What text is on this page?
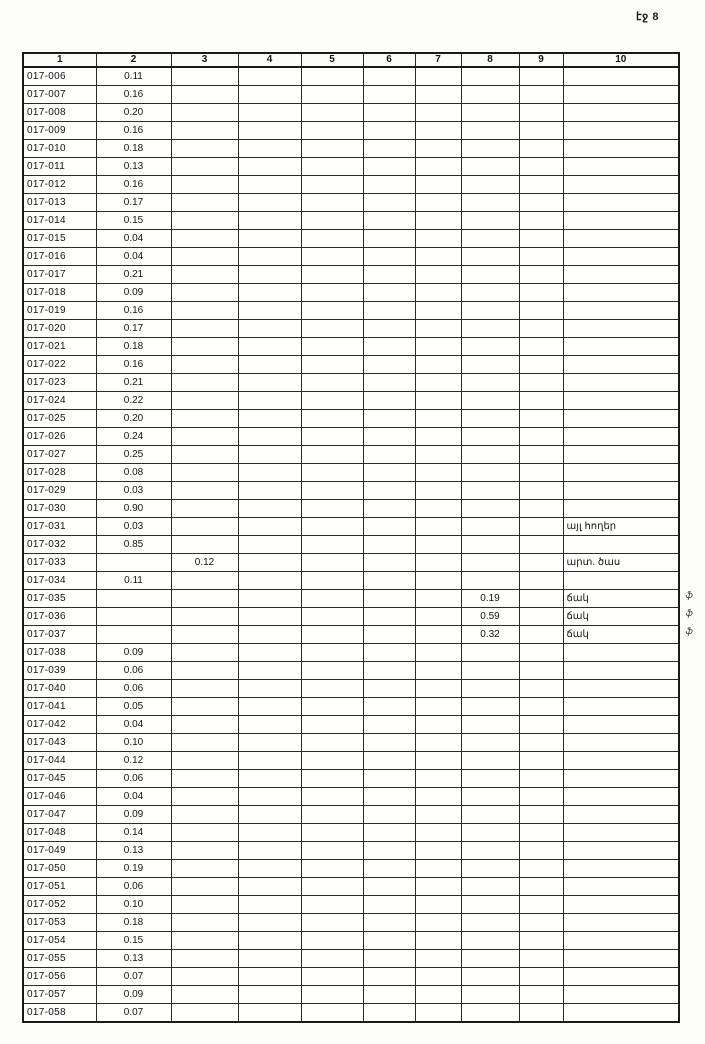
էջ 8
1	2	3	4	5	6	7	8	9	10
017-006	0.11								
017-007	0.16								
017-008	0.20								
017-009	0.16								
017-010	0.18								
017-011	0.13								
017-012	0.16								
017-013	0.17								
017-014	0.15								
017-015	0.04								
017-016	0.04								
017-017	0.21								
017-018	0.09								
017-019	0.16								
017-020	0.17								
017-021	0.18								
017-022	0.16								
017-023	0.21								
017-024	0.22								
017-025	0.20								
017-026	0.24								
017-027	0.25								
017-028	0.08								
017-029	0.03								
017-030	0.90								
017-031	0.03								այլ հողեր
017-032	0.85								
017-033		0.12							արտ. ծաս
017-034	0.11								
017-035							0.19		ճակ
017-036							0.59		ճակ
017-037							0.32		ճակ
017-038	0.09								
017-039	0.06								
017-040	0.06								
017-041	0.05								
017-042	0.04								
017-043	0.10								
017-044	0.12								
017-045	0.06								
017-046	0.04								
017-047	0.09								
017-048	0.14								
017-049	0.13								
017-050	0.19								
017-051	0.06								
017-052	0.10								
017-053	0.18								
017-054	0.15								
017-055	0.13								
017-056	0.07								
017-057	0.09								
017-058	0.07								
ֆ
ֆ
ֆ
